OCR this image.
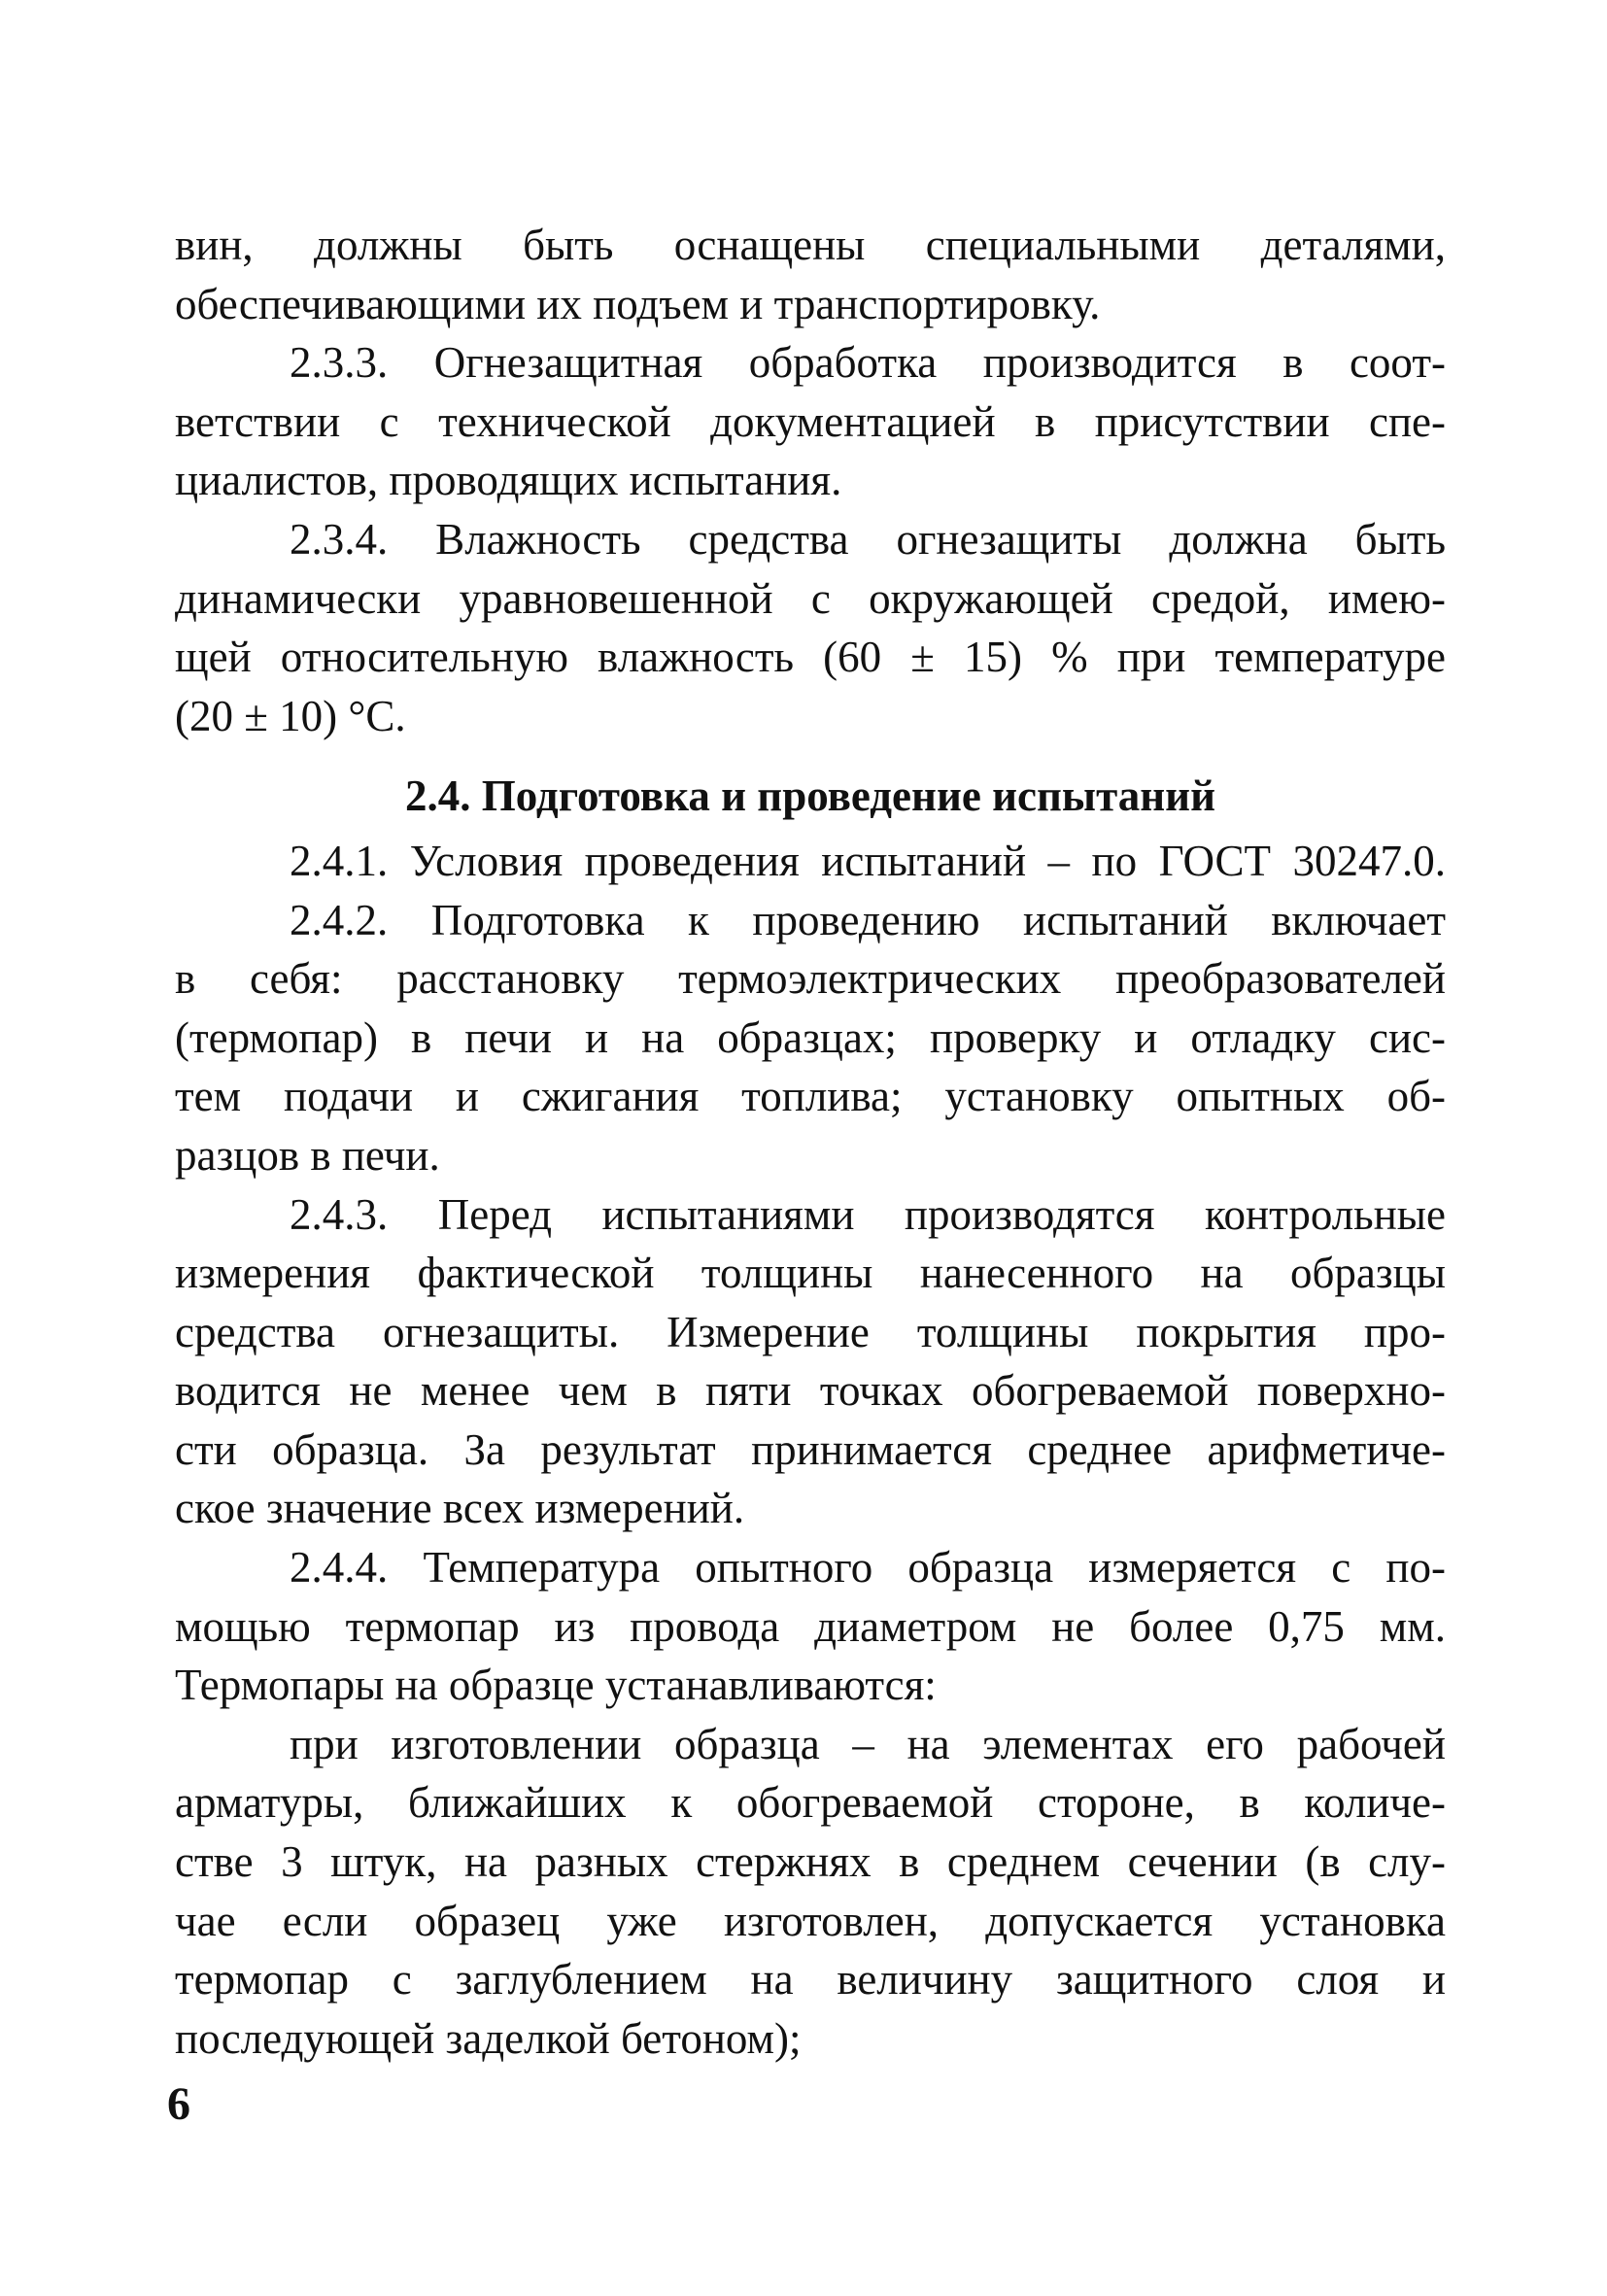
вин, должны быть оснащены специальными деталями,
обеспечивающими их подъем и транспортировку.
2.3.3. Огнезащитная обработка производится в соот-
ветствии с технической документацией в присутствии спе-
циалистов, проводящих испытания.
2.3.4. Влажность средства огнезащиты должна быть
динамически уравновешенной с окружающей средой, имею-
щей относительную влажность (60 ± 15) % при температуре
(20 ± 10) °С.
2.4. Подготовка и проведение испытаний
2.4.1. Условия проведения испытаний – по ГОСТ 30247.0.
2.4.2. Подготовка к проведению испытаний включает
в себя: расстановку термоэлектрических преобразователей
(термопар) в печи и на образцах; проверку и отладку сис-
тем подачи и сжигания топлива; установку опытных об-
разцов в печи.
2.4.3. Перед испытаниями производятся контрольные
измерения фактической толщины нанесенного на образцы
средства огнезащиты. Измерение толщины покрытия про-
водится не менее чем в пяти точках обогреваемой поверхно-
сти образца. За результат принимается среднее арифметиче-
ское значение всех измерений.
2.4.4. Температура опытного образца измеряется с по-
мощью термопар из провода диаметром не более 0,75 мм.
Термопары на образце устанавливаются:
при изготовлении образца – на элементах его рабочей
арматуры, ближайших к обогреваемой стороне, в количе-
стве 3 штук, на разных стержнях в среднем сечении (в слу-
чае если образец уже изготовлен, допускается установка
термопар с заглублением на величину защитного слоя и
последующей заделкой бетоном);
6
